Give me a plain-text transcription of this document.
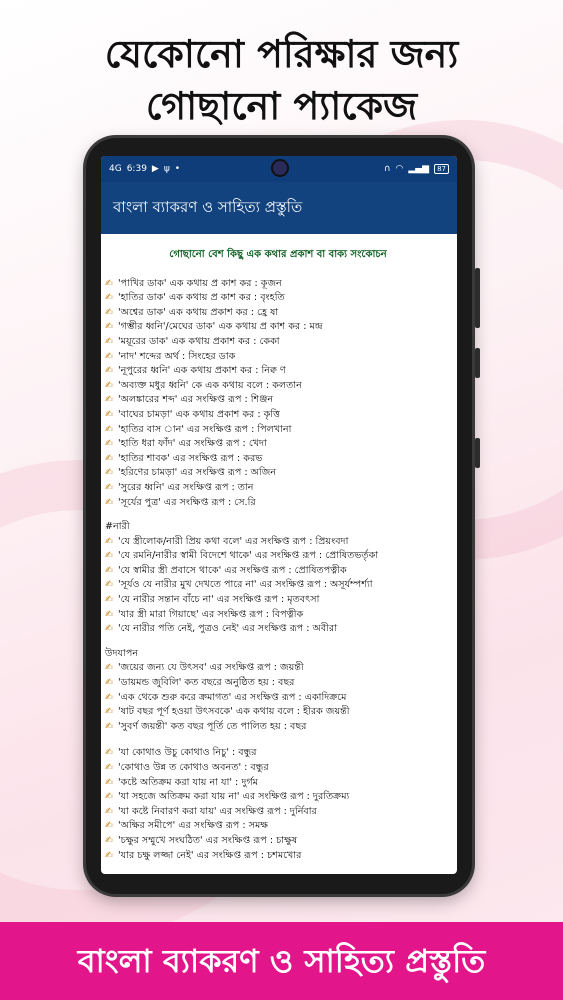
যেকোনো পরিক্ষার জন্য
গোছানো প্যাকেজ
4G 6:39 ▶ ψ •	∩ ◠ ▂▄▆	87
বাংলা ব্যাকরণ ও সাহিত্য প্রস্তুতি
গোছানো বেশ কিছু এক কথার প্রকাশ বা বাক্য সংকোচন
✍ 'পাখির ডাক' এক কথায় প্র কাশ কর : কূজন
✍ 'হাতির ডাক' এক কথায় প্র কাশ কর : বৃংহতি
✍ 'অশ্বের ডাক' এক কথায় প্রকাশ কর : হ্রে ষা
✍ 'গম্ভীর ধ্বনি'/মেঘের ডাক' এক কথায় প্র কাশ কর : মন্দ্র
✍ 'ময়ূরের ডাক' এক কথায় প্রকাশ কর : কেকা
✍ 'নাদ' শব্দের অর্থ : সিংহের ডাক
✍ 'নূপুরের ধ্বনি' এক কথায় প্রকাশ কর : নিক্ব ণ
✍ 'অব্যক্ত মধুর ধ্বনি' কে এক কথায় বলে : কলতান
✍ 'অলঙ্কারের শব্দ' এর সংক্ষিপ্ত রূপ : শিঞ্জন
✍ 'বাঘের চামড়া' এক কথায় প্রকাশ কর : কৃত্তি
✍ 'হাতির বাস ান' এর সংক্ষিপ্ত রূপ : পিলখানা
✍ 'হাতি ধরা ফাঁদ' এর সংক্ষিপ্ত রূপ : খেদা
✍ 'হাতির শাবক' এর সংক্ষিপ্ত রূপ : করভ
✍ 'হরিণের চামড়া' এর সংক্ষিপ্ত রূপ : অজিন
✍ 'সুরের ধ্বনি' এর সংক্ষিপ্ত রূপ : তান
✍ 'সূর্যের পুত্র' এর সংক্ষিপ্ত রূপ : সে.রি
#নারী
✍ 'যে স্ত্রীলোক/নারী প্রিয় কথা বলে' এর সংক্ষিপ্ত রূপ : প্রিয়ংবদা
✍ 'যে রমনি/নারীর স্বামী বিদেশে থাকে' এর সংক্ষিপ্ত রূপ : প্রোষিতভর্তৃকা
✍ 'যে স্বামীর স্ত্রী প্রবাসে থাকে' এর সংক্ষিপ্ত রূপ : প্রোষিতপত্নীক
✍ 'সূর্যও যে নারীর মুখ দেখতে পারে না' এর সংক্ষিপ্ত রূপ : অসূর্যম্পর্শ্যা
✍ 'যে নারীর সন্তান বাঁচে না' এর সংক্ষিপ্ত রূপ : মৃতবৎসা
✍ 'যার স্ত্রী মারা গিয়াছে' এর সংক্ষিপ্ত রূপ : বিপত্নীক
✍ 'যে নারীর পতি নেই, পুত্রও নেই' এর সংক্ষিপ্ত রূপ : অবীরা
উদযাপন
✍ 'জয়ের জন্য যে উৎসব' এর সংক্ষিপ্ত রূপ : জয়ন্তী
✍ 'ডায়মন্ড জুবিলি' কত বছরে অনুষ্ঠিত হয় : বছর
✍ 'এক থেকে শুরু করে ক্রমাগত' এর সংক্ষিপ্ত রূপ : একাদিক্রমে
✍ 'ষাট বছর পূর্ণ হওয়া উৎসবকে' এক কথায় বলে : হীরক জয়ন্তী
✍ 'সুবর্ণ জয়ন্তী' কত বছর পূর্তি তে পালিত হয় : বছর
✍ 'যা কোথাও উচু কোথাও নিচু' : বন্ধুর
✍ 'কোথাও উন্ন ত কোথাও অবনত' : বন্ধুর
✍ 'কষ্টে অতিক্রম করা যায় না যা' : দুর্গম
✍ 'যা সহজে অতিক্রম করা যায় না' এর সংক্ষিপ্ত রূপ : দুরতিক্রম্য
✍ 'যা কষ্টে নিবারণ করা যায়' এর সংক্ষিপ্ত রূপ : দুর্নিবার
✍ 'অক্ষির সমীপে' এর সংক্ষিপ্ত রূপ : সমক্ষ
✍ 'চক্ষুর সম্মুখে সংঘঠিত' এর সংক্ষিপ্ত রূপ : চাক্ষুষ
✍ 'যার চক্ষু লজ্জা নেই' এর সংক্ষিপ্ত রূপ : চশমখোর
বাংলা ব্যাকরণ ও সাহিত্য প্রস্তুতি
